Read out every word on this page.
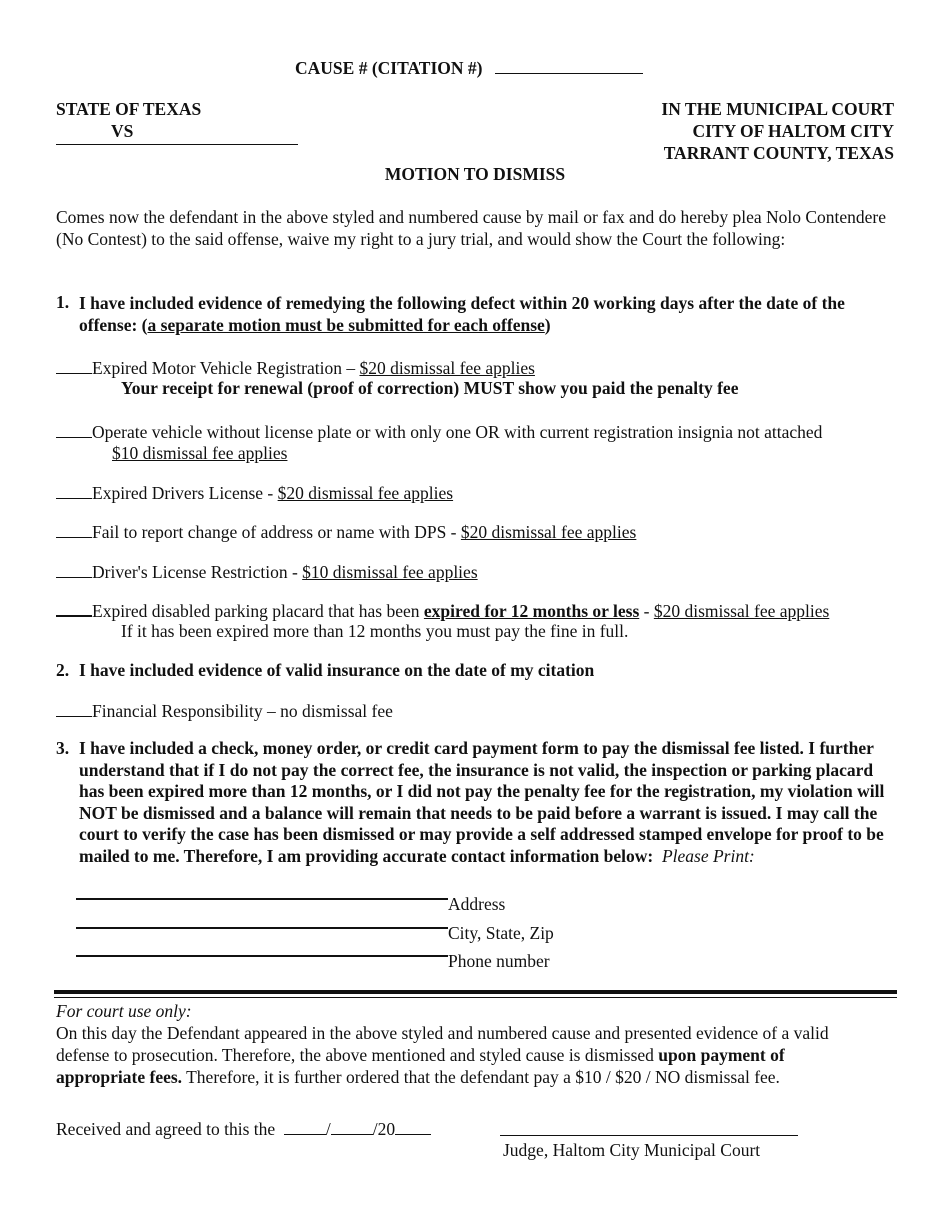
CAUSE # (CITATION #)
STATE OF TEXAS
VS
IN THE MUNICIPAL COURT
CITY OF HALTOM CITY
TARRANT COUNTY, TEXAS
MOTION TO DISMISS
Comes now the defendant in the above styled and numbered cause by mail or fax and do hereby plea Nolo Contendere (No Contest) to the said offense, waive my right to a jury trial, and would show the Court the following:
1. I have included evidence of remedying the following defect within 20 working days after the date of the offense: (a separate motion must be submitted for each offense)
Expired Motor Vehicle Registration – $20 dismissal fee applies
Your receipt for renewal (proof of correction) MUST show you paid the penalty fee
Operate vehicle without license plate or with only one OR with current registration insignia not attached
$10 dismissal fee applies
Expired Drivers License - $20 dismissal fee applies
Fail to report change of address or name with DPS - $20 dismissal fee applies
Driver's License Restriction - $10 dismissal fee applies
Expired disabled parking placard that has been expired for 12 months or less - $20 dismissal fee applies
If it has been expired more than 12 months you must pay the fine in full.
2. I have included evidence of valid insurance on the date of my citation
Financial Responsibility – no dismissal fee
3. I have included a check, money order, or credit card payment form to pay the dismissal fee listed. I further understand that if I do not pay the correct fee, the insurance is not valid, the inspection or parking placard has been expired more than 12 months, or I did not pay the penalty fee for the registration, my violation will NOT be dismissed and a balance will remain that needs to be paid before a warrant is issued. I may call the court to verify the case has been dismissed or may provide a self addressed stamped envelope for proof to be mailed to me. Therefore, I am providing accurate contact information below: Please Print:
Address
City, State, Zip
Phone number
For court use only:
On this day the Defendant appeared in the above styled and numbered cause and presented evidence of a valid defense to prosecution. Therefore, the above mentioned and styled cause is dismissed upon payment of appropriate fees. Therefore, it is further ordered that the defendant pay a $10 / $20 / NO dismissal fee.
Received and agreed to this the	/ /20
Judge, Haltom City Municipal Court
